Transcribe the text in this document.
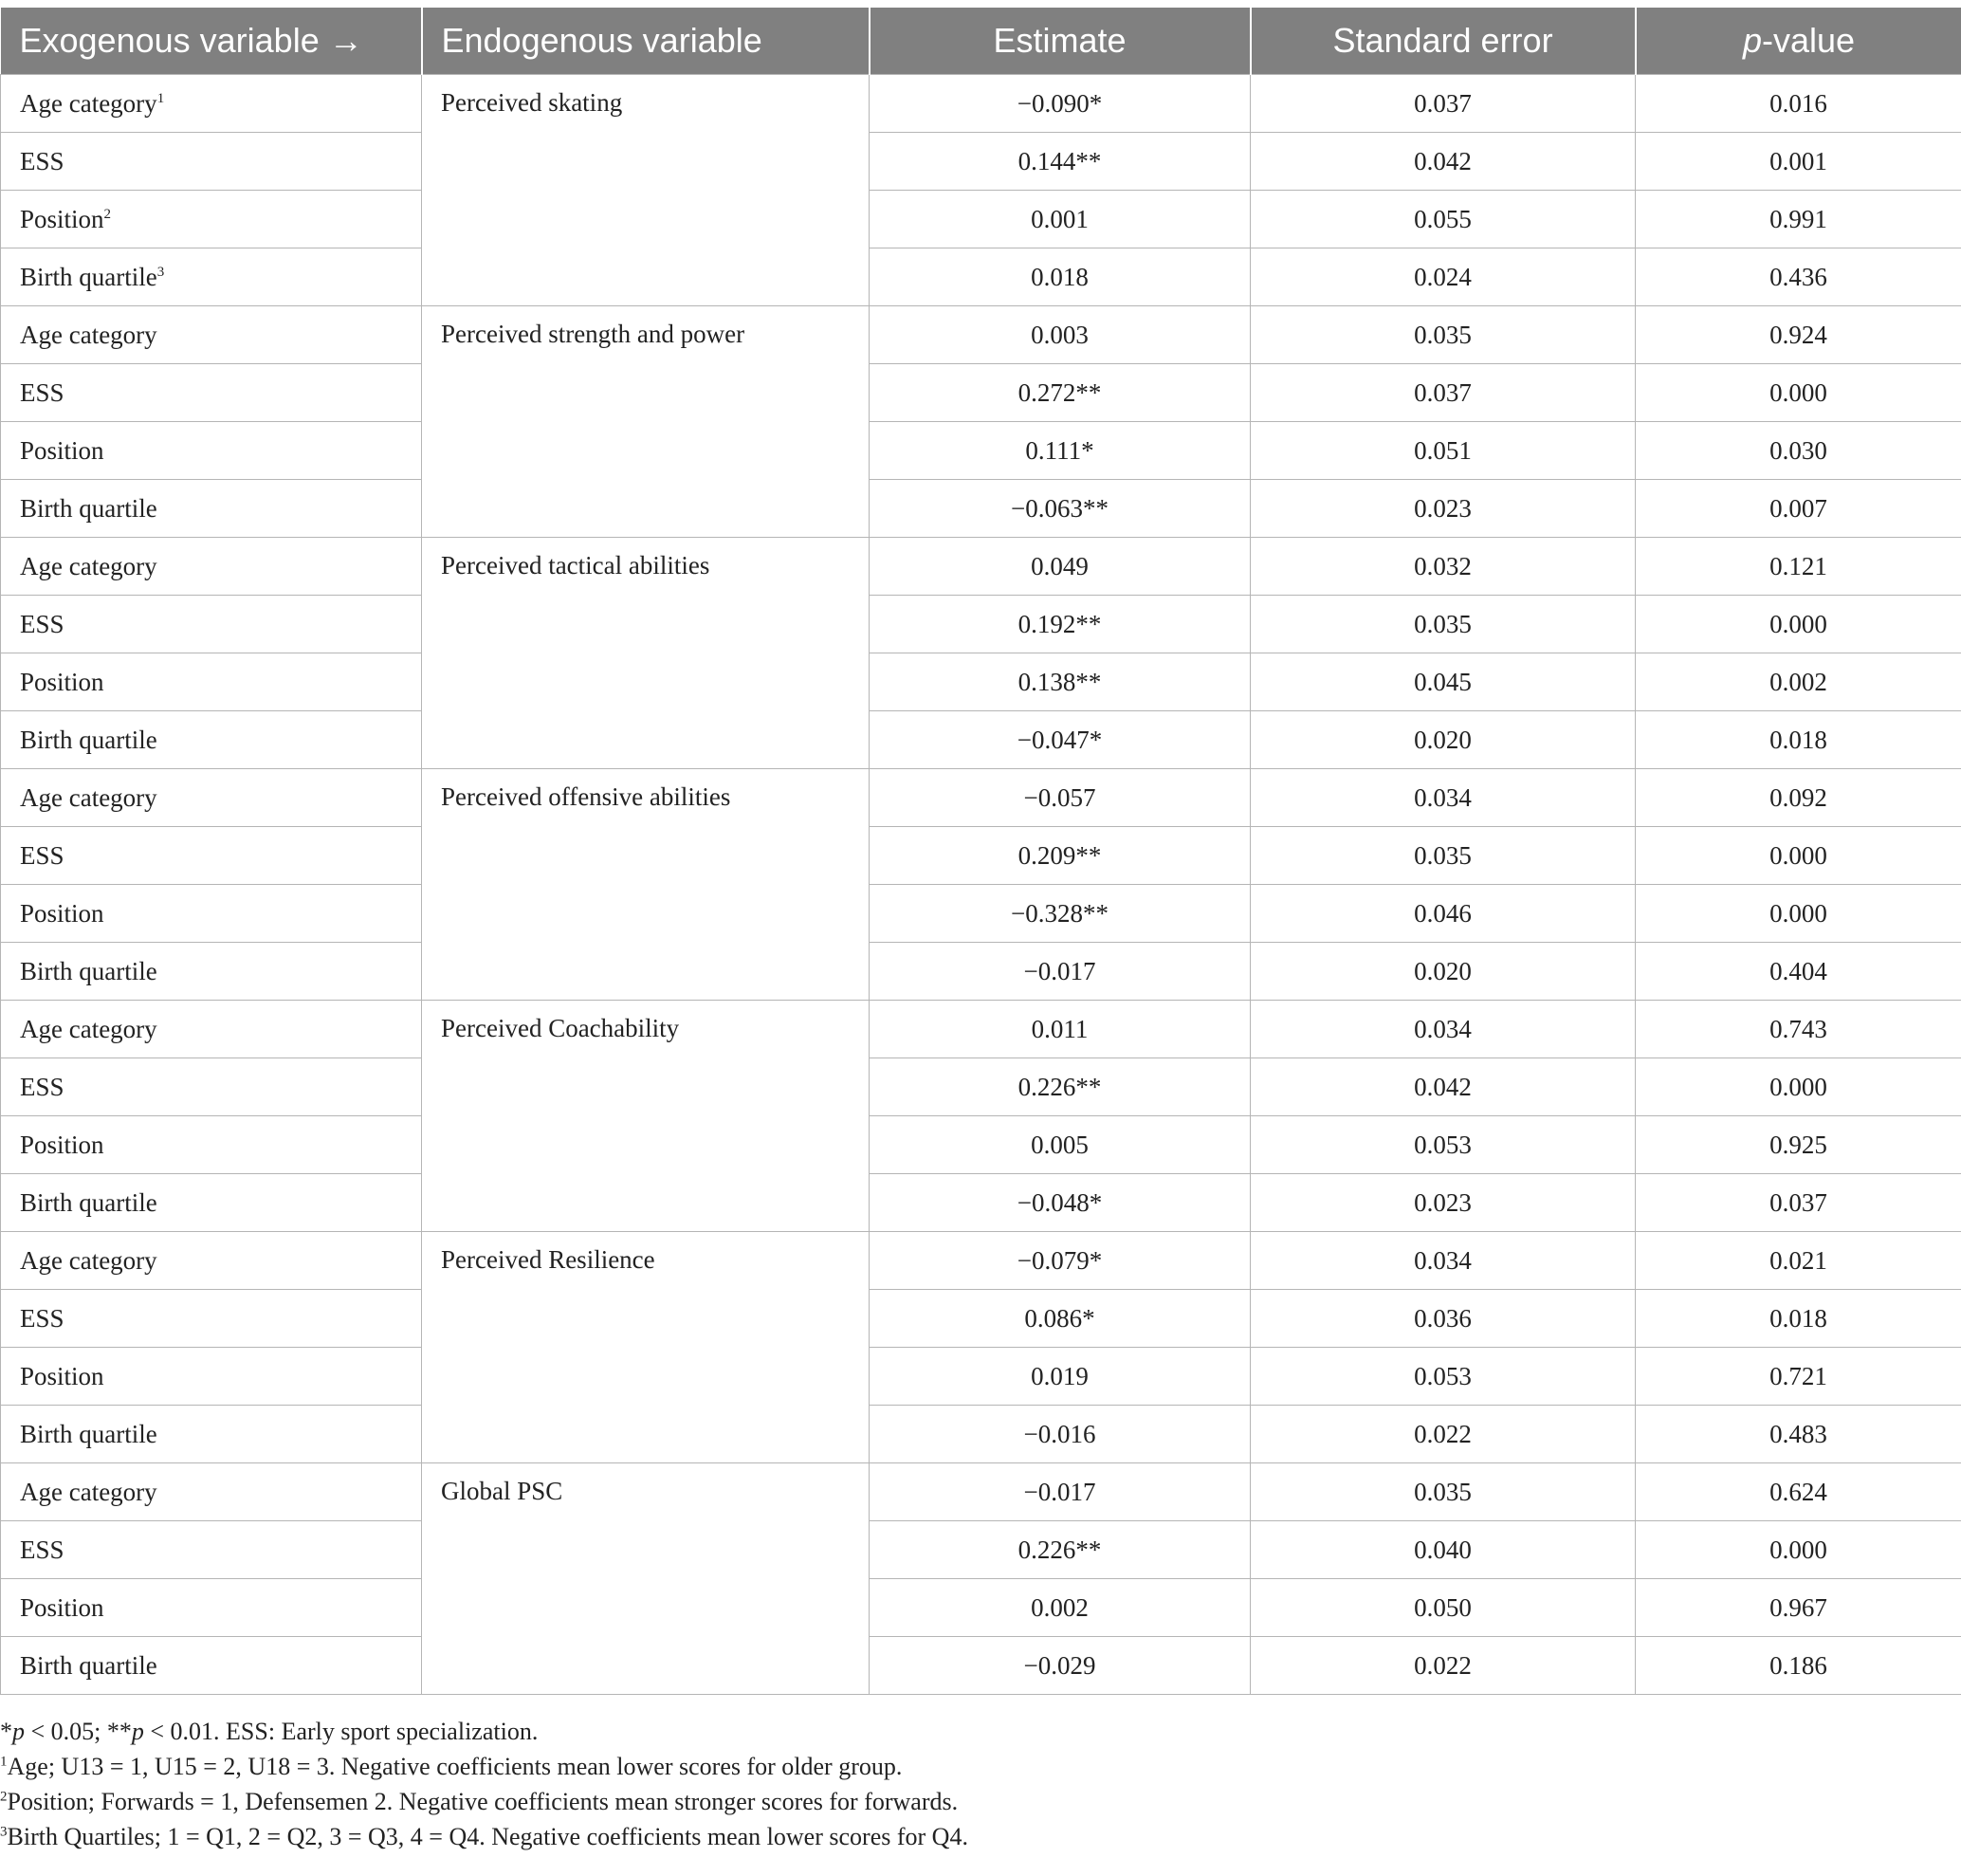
Exogenous variable →	Endogenous variable	Estimate	Standard error	p-value
Age category$^1$	Perceived skating	−0.090*	0.037	0.016
ESS		0.144**	0.042	0.001
Position$^2$		0.001	0.055	0.991
Birth quartile$^3$		0.018	0.024	0.436
Age category	Perceived strength and power	0.003	0.035	0.924
ESS		0.272**	0.037	0.000
Position		0.111*	0.051	0.030
Birth quartile		−0.063**	0.023	0.007
Age category	Perceived tactical abilities	0.049	0.032	0.121
ESS		0.192**	0.035	0.000
Position		0.138**	0.045	0.002
Birth quartile		−0.047*	0.020	0.018
Age category	Perceived offensive abilities	−0.057	0.034	0.092
ESS		0.209**	0.035	0.000
Position		−0.328**	0.046	0.000
Birth quartile		−0.017	0.020	0.404
Age category	Perceived Coachability	0.011	0.034	0.743
ESS		0.226**	0.042	0.000
Position		0.005	0.053	0.925
Birth quartile		−0.048*	0.023	0.037
Age category	Perceived Resilience	−0.079*	0.034	0.021
ESS		0.086*	0.036	0.018
Position		0.019	0.053	0.721
Birth quartile		−0.016	0.022	0.483
Age category	Global PSC	−0.017	0.035	0.624
ESS		0.226**	0.040	0.000
Position		0.002	0.050	0.967
Birth quartile		−0.029	0.022	0.186
*p < 0.05; **p < 0.01. ESS: Early sport specialization.
$^1$Age; U13 = 1, U15 = 2, U18 = 3. Negative coefficients mean lower scores for older group.
$^2$Position; Forwards = 1, Defensemen 2. Negative coefficients mean stronger scores for forwards.
$^3$Birth Quartiles; 1 = Q1, 2 = Q2, 3 = Q3, 4 = Q4. Negative coefficients mean lower scores for Q4.
